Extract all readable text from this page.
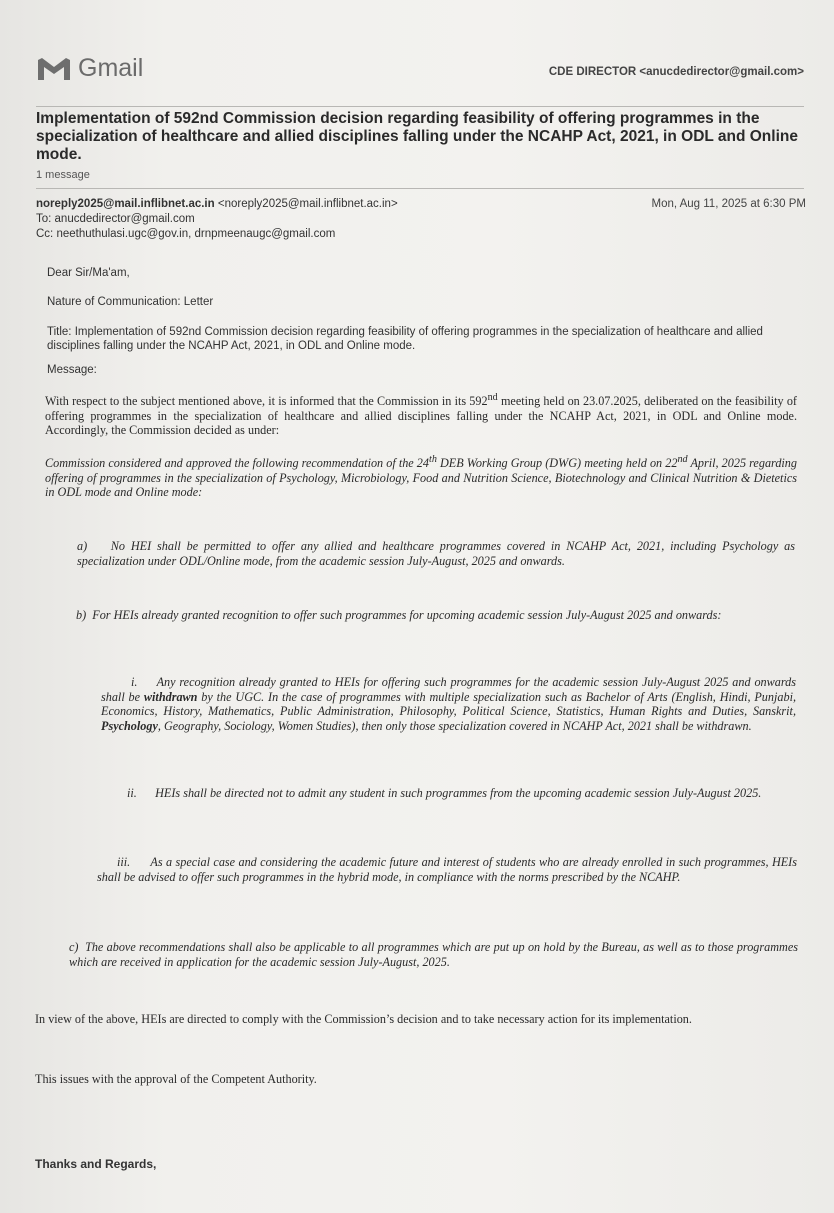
Gmail	CDE DIRECTOR <anucdedirector@gmail.com>
Implementation of 592nd Commission decision regarding feasibility of offering programmes in the specialization of healthcare and allied disciplines falling under the NCAHP Act, 2021, in ODL and Online mode.
1 message
noreply2025@mail.inflibnet.ac.in <noreply2025@mail.inflibnet.ac.in>
To: anucdedirector@gmail.com
Cc: neethuthulasi.ugc@gov.in, drnpmeenaugc@gmail.com
Mon, Aug 11, 2025 at 6:30 PM
Dear Sir/Ma'am,
Nature of Communication: Letter
Title: Implementation of 592nd Commission decision regarding feasibility of offering programmes in the specialization of healthcare and allied disciplines falling under the NCAHP Act, 2021, in ODL and Online mode.
Message:
With respect to the subject mentioned above, it is informed that the Commission in its 592nd meeting held on 23.07.2025, deliberated on the feasibility of offering programmes in the specialization of healthcare and allied disciplines falling under the NCAHP Act, 2021, in ODL and Online mode. Accordingly, the Commission decided as under:
Commission considered and approved the following recommendation of the 24th DEB Working Group (DWG) meeting held on 22nd April, 2025 regarding offering of programmes in the specialization of Psychology, Microbiology, Food and Nutrition Science, Biotechnology and Clinical Nutrition & Dietetics in ODL mode and Online mode:
a)    No HEI shall be permitted to offer any allied and healthcare programmes covered in NCAHP Act, 2021, including Psychology as specialization under ODL/Online mode, from the academic session July-August, 2025 and onwards.
b)  For HEIs already granted recognition to offer such programmes for upcoming academic session July-August 2025 and onwards:
i.     Any recognition already granted to HEIs for offering such programmes for the academic session July-August 2025 and onwards shall be withdrawn by the UGC. In the case of programmes with multiple specialization such as Bachelor of Arts (English, Hindi, Punjabi, Economics, History, Mathematics, Public Administration, Philosophy, Political Science, Statistics, Human Rights and Duties, Sanskrit, Psychology, Geography, Sociology, Women Studies), then only those specialization covered in NCAHP Act, 2021 shall be withdrawn.
ii.      HEIs shall be directed not to admit any student in such programmes from the upcoming academic session July-August 2025.
iii.      As a special case and considering the academic future and interest of students who are already enrolled in such programmes, HEIs shall be advised to offer such programmes in the hybrid mode, in compliance with the norms prescribed by the NCAHP.
c)  The above recommendations shall also be applicable to all programmes which are put up on hold by the Bureau, as well as to those programmes which are received in application for the academic session July-August, 2025.
In view of the above, HEIs are directed to comply with the Commission’s decision and to take necessary action for its implementation.
This issues with the approval of the Competent Authority.
Thanks and Regards,
